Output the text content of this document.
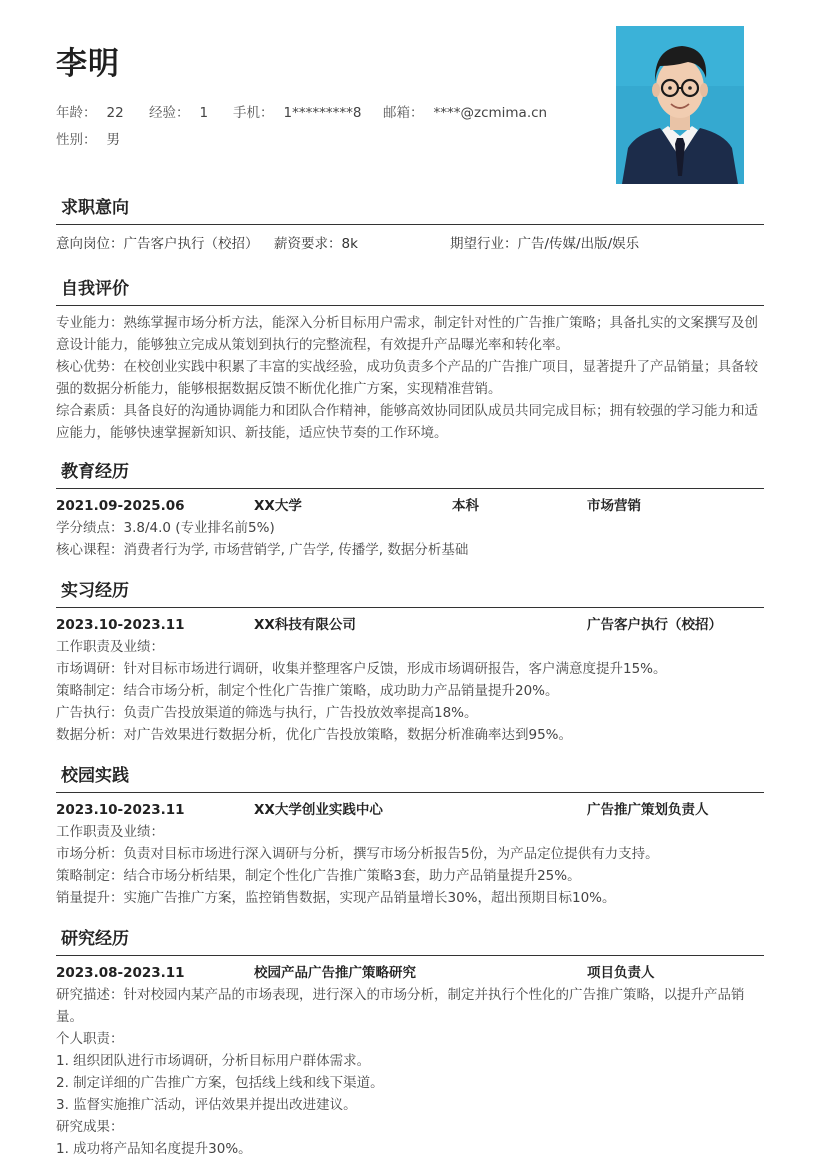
李明
年龄： 22 经验： 1 手机： 1*********8 邮箱： ****@zcmima.cn
性别： 男
求职意向
意向岗位：广告客户执行（校招） 薪资要求：8k	期望行业：广告/传媒/出版/娱乐
自我评价

专业能力：熟练掌握市场分析方法，能深入分析目标用户需求，制定针对性的广告推广策略；具备扎实的文案撰写及创意设计能力，能够独立完成从策划到执行的完整流程，有效提升产品曝光率和转化率。

核心优势：在校创业实践中积累了丰富的实战经验，成功负责多个产品的广告推广项目，显著提升了产品销量；具备较强的数据分析能力，能够根据数据反馈不断优化推广方案，实现精准营销。

综合素质：具备良好的沟通协调能力和团队合作精神，能够高效协同团队成员共同完成目标；拥有较强的学习能力和适应能力，能够快速掌握新知识、新技能，适应快节奏的工作环境。

教育经历
2021.09-2025.06	XX大学	本科	市场营销

学分绩点：3.8/4.0 (专业排名前5%)

核心课程：消费者行为学, 市场营销学, 广告学, 传播学, 数据分析基础

实习经历
2023.10-2023.11	XX科技有限公司	广告客户执行（校招）

工作职责及业绩：

市场调研：针对目标市场进行调研，收集并整理客户反馈，形成市场调研报告，客户满意度提升15%。

策略制定：结合市场分析，制定个性化广告推广策略，成功助力产品销量提升20%。

广告执行：负责广告投放渠道的筛选与执行，广告投放效率提高18%。

数据分析：对广告效果进行数据分析，优化广告投放策略，数据分析准确率达到95%。

校园实践
2023.10-2023.11	XX大学创业实践中心	广告推广策划负责人

工作职责及业绩：

市场分析：负责对目标市场进行深入调研与分析，撰写市场分析报告5份，为产品定位提供有力支持。

策略制定：结合市场分析结果，制定个性化广告推广策略3套，助力产品销量提升25%。

销量提升：实施广告推广方案，监控销售数据，实现产品销量增长30%，超出预期目标10%。

研究经历
2023.08-2023.11	校园产品广告推广策略研究	项目负责人

研究描述：针对校园内某产品的市场表现，进行深入的市场分析，制定并执行个性化的广告推广策略，以提升产品销量。

个人职责：

1. 组织团队进行市场调研，分析目标用户群体需求。

2. 制定详细的广告推广方案，包括线上线和线下渠道。

3. 监督实施推广活动，评估效果并提出改进建议。

研究成果：

1. 成功将产品知名度提升30%。
